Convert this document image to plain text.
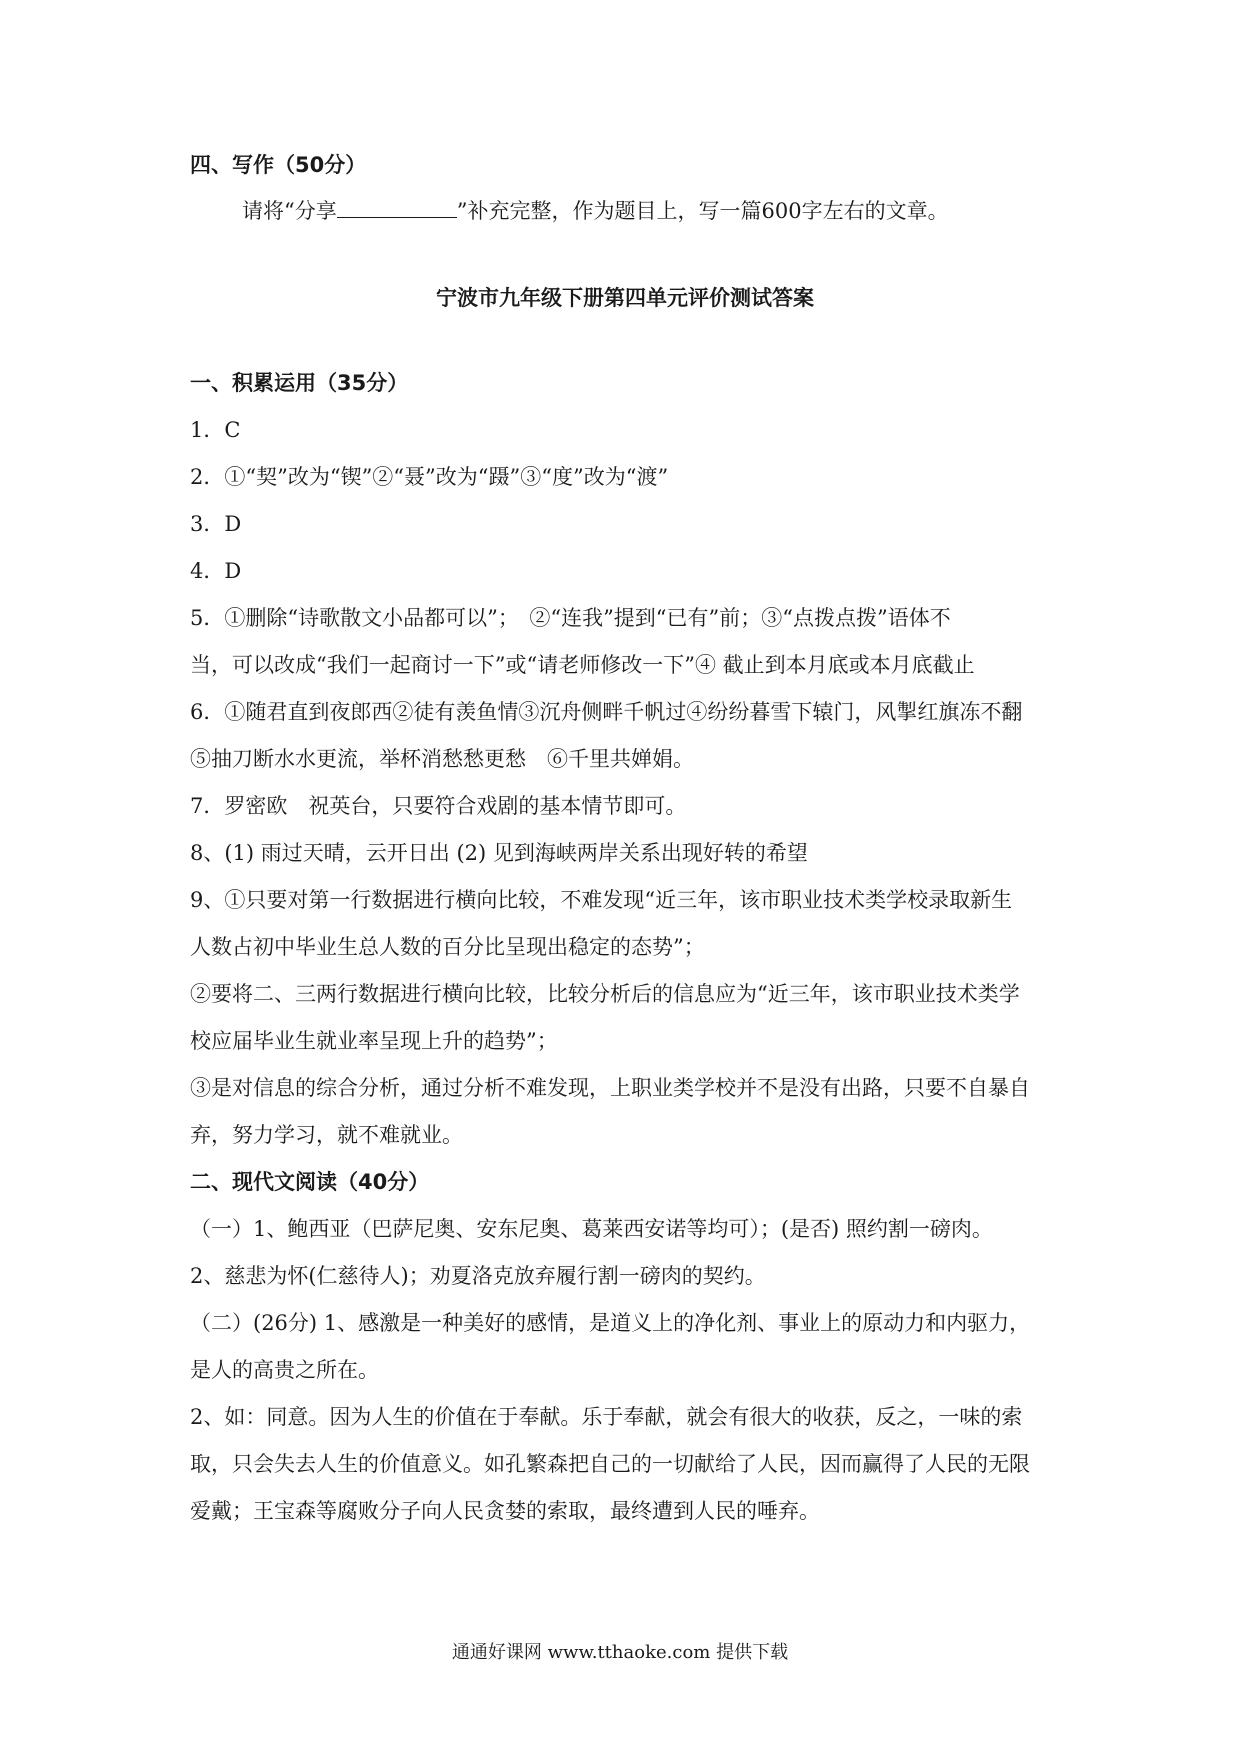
四、写作（50分）

请将“分享	”补充完整，作为题目上，写一篇600字左右的文章。

宁波市九年级下册第四单元评价测试答案

一、积累运用（35分）

1．C

2．①“契”改为“锲”②“聂”改为“蹑”③“度”改为“渡”

3．D

4．D

5．①删除“诗歌散文小品都可以”；　②“连我”提到“已有”前；③“点拨点拨”语体不

当，可以改成“我们一起商讨一下”或“请老师修改一下”④ 截止到本月底或本月底截止

6．①随君直到夜郎西②徒有羡鱼情③沉舟侧畔千帆过④纷纷暮雪下辕门，风掣红旗冻不翻

⑤抽刀断水水更流，举杯消愁愁更愁　⑥千里共婵娟。

7．罗密欧　祝英台，只要符合戏剧的基本情节即可。

8、(1) 雨过天晴，云开日出 (2) 见到海峡两岸关系出现好转的希望

9、①只要对第一行数据进行横向比较，不难发现“近三年，该市职业技术类学校录取新生

人数占初中毕业生总人数的百分比呈现出稳定的态势”；

②要将二、三两行数据进行横向比较，比较分析后的信息应为“近三年，该市职业技术类学

校应届毕业生就业率呈现上升的趋势”；

③是对信息的综合分析，通过分析不难发现，上职业类学校并不是没有出路，只要不自暴自

弃，努力学习，就不难就业。

二、现代文阅读（40分）

（一）1、鲍西亚（巴萨尼奥、安东尼奥、葛莱西安诺等均可）；(是否) 照约割一磅肉。

2、慈悲为怀(仁慈待人)；劝夏洛克放弃履行割一磅肉的契约。

（二）(26分) 1、感激是一种美好的感情，是道义上的净化剂、事业上的原动力和内驱力，

是人的高贵之所在。

2、如：同意。因为人生的价值在于奉献。乐于奉献，就会有很大的收获，反之，一味的索

取，只会失去人生的价值意义。如孔繁森把自己的一切献给了人民，因而赢得了人民的无限

爱戴；王宝森等腐败分子向人民贪婪的索取，最终遭到人民的唾弃。

通通好课网 www.tthaoke.com 提供下载
